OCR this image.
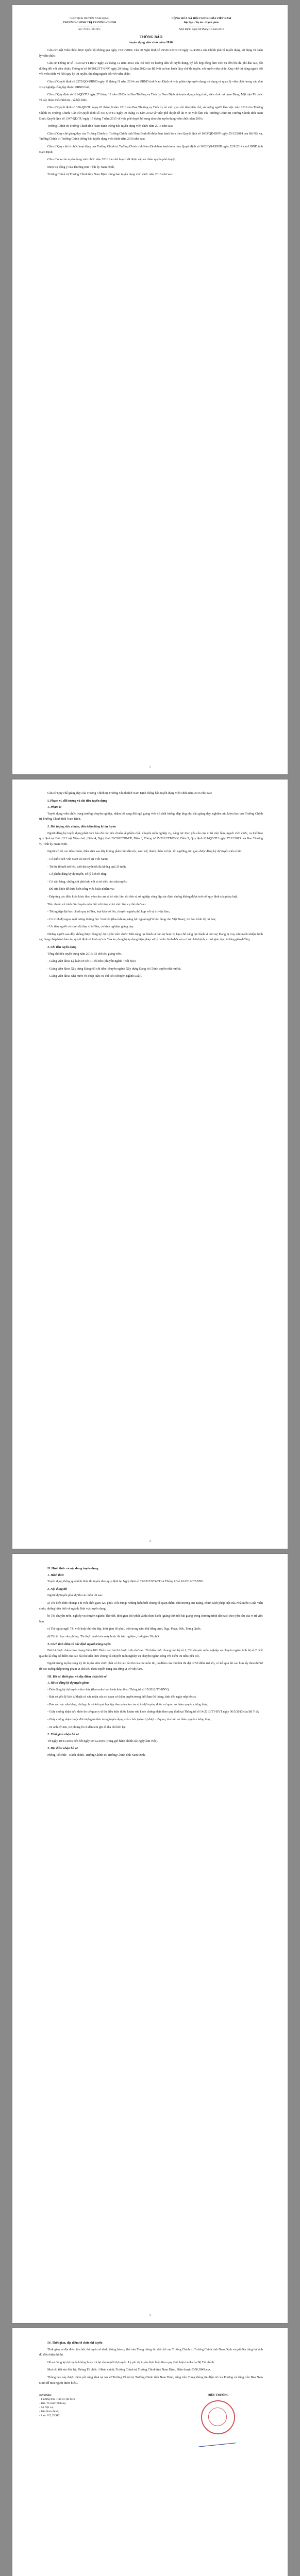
CHỦ TỊCH HUYỆN NAM ĐỊNH
TRƯỜNG CHÍNH TRỊ TRƯỜNG CHINH
Số: 70/TB-TCTTC
CỘNG HÒA XÃ HỘI CHỦ NGHĨA VIỆT NAM
Độc lập - Tự do - Hạnh phúc
Nam Định, ngày 08 tháng 11 năm 2016
THÔNG BÁO
tuyển dụng viên chức năm 2016

Căn cứ Luật Viên chức được Quốc hội thông qua ngày 15/11/2010; Căn cứ Nghị định số 29/2012/NĐ-CP ngày 12/4/2012 của Chính phủ về tuyển dụng, sử dụng và quản lý viên chức;

Căn cứ Thông tư số 15/2012/TT-BNV ngày 25 tháng 12 năm 2012 của Bộ Nội vụ hướng dẫn về tuyển dụng, ký kết hợp đồng làm việc và đền bù chi phí đào tạo, bồi dưỡng đối với viên chức; Thông tư số 16/2012/TT-BNV ngày 28 tháng 12 năm 2012 của Bộ Nội vụ ban hành Quy chế thi tuyển, xét tuyển viên chức; Quy chế thi nâng ngạch đối với viên chức và Nội quy kỳ thi tuyển, thi nâng ngạch đối với viên chức;

Căn cứ Quyết định số 2373/QĐ-UBND ngày 11 tháng 11 năm 2014 của UBND tỉnh Nam Định về việc phân cấp tuyển dụng, sử dụng và quản lý viên chức trong các đơn vị sự nghiệp công lập thuộc UBND tỉnh;

Căn cứ Quy định số 121-QĐ/TU ngày 27 tháng 12 năm 2013 của Ban Thường vụ Tỉnh ủy Nam Định về tuyển dụng công chức, viên chức cơ quan Đảng, Mặt trận Tổ quốc và các đoàn thể chính trị - xã hội tỉnh;

Căn cứ Quyết định số 336-QĐ/TU ngày 01 tháng 9 năm 2016 của Ban Thường vụ Tỉnh ủy về việc giao chỉ tiêu biên chế, số lượng người làm việc năm 2016 cho Trường Chính trị Trường Chinh; Căn cứ Quyết định số 336-QĐ/TU ngày 09 tháng 10 năm 2012 về việc phê duyệt đề án vị trí việc làm của Trường Chính trị Trường Chinh tỉnh Nam Định; Quyết định số 1347-QĐ/TU ngày 17 tháng 7 năm 2015 về việc phê duyệt bổ sung nhu cầu tuyển dụng viên chức năm 2016;

Trường Chính trị Trường Chinh tỉnh Nam Định thông báo tuyển dụng viên chức năm 2016 như sau:

Căn cứ Quy chế giảng dạy của Trường Chính trị Trường Chinh tỉnh Nam Định đã được ban hành kèm theo Quyết định số 1635/QĐ-BNV ngày 25/12/2014 của Bộ Nội vụ, Trường Chính trị Trường Chinh thông báo tuyển dụng viên chức năm 2016 như sau:

Căn cứ Quy chế tổ chức hoạt động của Trường Chính trị Trường Chinh tỉnh Nam Định ban hành kèm theo Quyết định số 1632/QĐ-UBND ngày 22/9/2014 của UBND tỉnh Nam Định;

Căn cứ nhu cầu tuyển dụng viên chức năm 2016 theo kế hoạch đã được cấp có thẩm quyền phê duyệt;

Được sự đồng ý của Thường trực Tỉnh ủy Nam Định,

Trường Chính trị Trường Chinh tỉnh Nam Định thông báo tuyển dụng viên chức năm 2016 như sau:

1

Căn cứ Quy chế giảng dạy của Trường Chính trị Trường Chinh tỉnh Nam Định thông báo tuyển dụng viên chức năm 2016 như sau:

I. Phạm vi, đối tượng và chỉ tiêu tuyển dụng
1. Phạm vi

Tuyển dụng viên chức trong trường chuyên nghiệp, nhằm bổ sung đội ngũ giảng viên có chất lượng, đáp ứng nhu cầu giảng dạy, nghiên cứu khoa học của Trường Chính trị Trường Chinh tỉnh Nam Định.

2. Đối tượng, tiêu chuẩn, điều kiện đăng ký dự tuyển

Người đăng ký tuyển dụng phải đảm bảo đủ các tiêu chuẩn về phẩm chất, chuyên môn nghiệp vụ, năng lực theo yêu cầu của vị trí việc làm, ngạch viên chức, cụ thể theo quy định tại Điều 22 Luật Viên chức; Điều 4, Nghị định 29/2012/NĐ-CP; Điều 3, Thông tư 15/2012/TT-BNV; Điều 5, Quy định 121-QĐ/TU ngày 27/12/2013 của Ban Thường vụ Tỉnh ủy Nam Định.

Người có đủ các tiêu chuẩn, điều kiện sau đây không phân biệt dân tộc, nam nữ, thành phần xã hội, tín ngưỡng, tôn giáo được đăng ký dự tuyển viên chức:

- Có quốc tịch Việt Nam và cư trú tại Việt Nam;

- Từ đủ 18 tuổi trở lên, tuổi dự tuyển tối đa không quá 35 tuổi;

- Có phiếu đăng ký dự tuyển, có lý lịch rõ ràng;

- Có văn bằng, chứng chỉ phù hợp với vị trí việc làm cần tuyển;

- Đủ sức khỏe để thực hiện công việc hoặc nhiệm vụ;

- Đáp ứng các điều kiện khác theo yêu cầu của vị trí việc làm do đơn vị sự nghiệp công lập xác định nhưng không được trái với quy định của pháp luật.

Tiêu chuẩn về trình độ chuyên môn đối với từng vị trí việc làm cụ thể như sau:

- Tốt nghiệp đại học chính quy trở lên, loại khá trở lên, chuyên ngành phù hợp với vị trí việc làm;

- Có trình độ ngoại ngữ tương đương bậc 3 trở lên (theo khung năng lực ngoại ngữ 6 bậc dùng cho Việt Nam), tin học trình độ cơ bản;

- Ưu tiên người có trình độ thạc sĩ trở lên, có kinh nghiệm giảng dạy.

Những người sau đây không được đăng ký dự tuyển viên chức: Mất năng lực hành vi dân sự hoặc bị hạn chế năng lực hành vi dân sự; Đang bị truy cứu trách nhiệm hình sự; đang chấp hành bản án, quyết định về hình sự của Tòa án; đang bị áp dụng biện pháp xử lý hành chính đưa vào cơ sở chữa bệnh, cơ sở giáo dục, trường giáo dưỡng.

3. Chỉ tiêu tuyển dụng

Tổng chỉ tiêu tuyển dụng năm 2016: 03 chỉ tiêu giảng viên.

- Giảng viên khoa Lý luận cơ sở: 01 chỉ tiêu (chuyên ngành Triết học);

- Giảng viên khoa Xây dựng Đảng: 01 chỉ tiêu (chuyên ngành Xây dựng Đảng và Chính quyền nhà nước);

- Giảng viên khoa Nhà nước và Pháp luật: 01 chỉ tiêu (chuyên ngành Luật).

2
II. Hình thức và nội dung tuyển dụng
1. Hình thức

Tuyển dụng thông qua hình thức thi tuyển theo quy định tại Nghị định số 29/2012/NĐ-CP và Thông tư số 16/2012/TT-BNV.

2. Nội dung thi

Người dự tuyển phải dự thi các môn thi sau:

a) Thi kiến thức chung: Thi viết, thời gian 120 phút. Nội dung: Những hiểu biết chung về quan điểm, chủ trương của Đảng, chính sách pháp luật của Nhà nước; Luật Viên chức; những hiểu biết về ngành, lĩnh vực tuyển dụng.

b) Thi chuyên môn, nghiệp vụ chuyên ngành: Thi viết, thời gian 180 phút và thi thực hành (giảng thử một bài giảng trong chương trình đào tạo) theo yêu cầu của vị trí việc làm.

c) Thi ngoại ngữ: Thi viết hoặc thi vấn đáp, thời gian 60 phút, một trong năm thứ tiếng Anh, Nga, Pháp, Đức, Trung Quốc.

d) Thi tin học văn phòng: Thi thực hành trên máy hoặc thi trắc nghiệm, thời gian 30 phút.

3. Cách tính điểm và xác định người trúng tuyển

Bài thi được chấm theo thang điểm 100. Điểm các bài thi được tính như sau: Thi kiến thức chung tính hệ số 1; Thi chuyên môn, nghiệp vụ chuyên ngành tính hệ số 2. Kết quả thi là tổng số điểm của các bài thi kiến thức chung và chuyên môn nghiệp vụ chuyên ngành cộng với điểm ưu tiên (nếu có).

Người trúng tuyển trong kỳ thi tuyển viên chức phải có đủ các bài thi của các môn thi, có điểm của mỗi bài thi đạt từ 50 điểm trở lên, có kết quả thi cao hơn lấy theo thứ tự từ cao xuống thấp trong phạm vi chỉ tiêu được tuyển dụng của từng vị trí việc làm.

III. Hồ sơ, thời gian và địa điểm nhận hồ sơ
1. Hồ sơ đăng ký dự tuyển gồm:

- Đơn đăng ký dự tuyển viên chức (theo mẫu ban hành kèm theo Thông tư số 15/2012/TT-BNV);

- Bản sơ yếu lý lịch tự thuật có xác nhận của cơ quan có thẩm quyền trong thời hạn 06 tháng, tính đến ngày nộp hồ sơ;

- Bản sao các văn bằng, chứng chỉ và kết quả học tập theo yêu cầu của vị trí dự tuyển, được cơ quan có thẩm quyền chứng thực;

- Giấy chứng nhận sức khỏe do cơ quan y tế đủ điều kiện được khám sức khỏe chứng nhận theo quy định tại Thông tư số 14/2013/TT-BYT ngày 06/5/2013 của Bộ Y tế;

- Giấy chứng nhận thuộc đối tượng ưu tiên trong tuyển dụng viên chức (nếu có) được cơ quan, tổ chức có thẩm quyền chứng thực;

- 02 ảnh cỡ 4x6, 02 phong bì có dán tem ghi rõ địa chỉ liên lạc.

2. Thời gian nhận hồ sơ

Từ ngày 10/11/2016 đến hết ngày 09/12/2016 (trong giờ hành chính các ngày làm việc).

3. Địa điểm nhận hồ sơ

Phòng Tổ chức - Hành chính, Trường Chính trị Trường Chinh tỉnh Nam Định.

3
IV. Thời gian, địa điểm tổ chức thi tuyển

Thời gian và địa điểm tổ chức thi tuyển sẽ được thông báo cụ thể trên Trang thông tin điện tử của Trường Chính trị Trường Chinh tỉnh Nam Định và gửi đến từng thí sinh đủ điều kiện dự thi.

Hồ sơ đăng ký dự tuyển không hoàn trả lại cho người dự tuyển. Lệ phí dự tuyển thực hiện theo quy định hiện hành của Bộ Tài chính.

Mọi chi tiết xin liên hệ: Phòng Tổ chức - Hành chính, Trường Chính trị Trường Chinh tỉnh Nam Định. Điện thoại: 0350.3849.xxx.

Thông báo này được niêm yết công khai tại trụ sở Trường Chính trị Trường Chinh tỉnh Nam Định, đăng trên Trang thông tin điện tử của Trường và đăng trên Báo Nam Định để mọi người được biết./.

Nơi nhận:
- Thường trực Tỉnh ủy (để b/c);
- Ban Tổ chức Tỉnh ủy;
- Sở Nội vụ;
- Báo Nam Định;
- Lưu: VT, TCHC.
HIỆU TRƯỞNG
